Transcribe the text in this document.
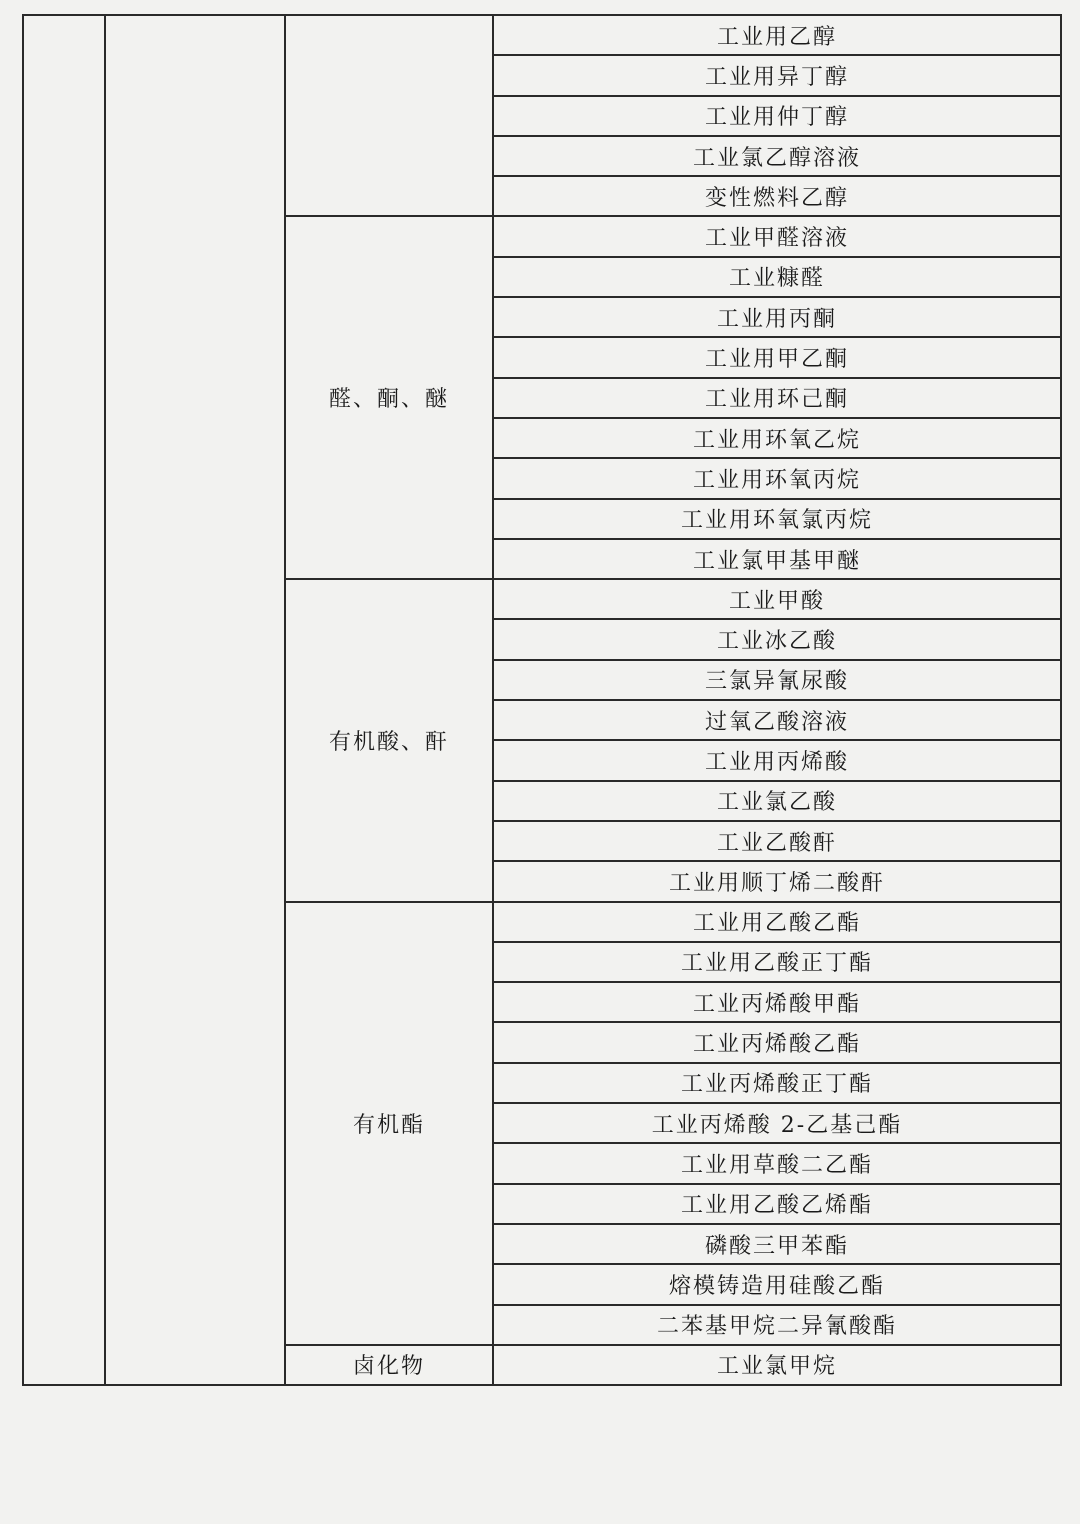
			工业用乙醇
			工业用异丁醇
			工业用仲丁醇
			工业氯乙醇溶液
			变性燃料乙醇
		醛、酮、醚	工业甲醛溶液
			工业糠醛
			工业用丙酮
			工业用甲乙酮
			工业用环己酮
			工业用环氧乙烷
			工业用环氧丙烷
			工业用环氧氯丙烷
			工业氯甲基甲醚
		有机酸、酐	工业甲酸
			工业冰乙酸
			三氯异氰尿酸
			过氧乙酸溶液
			工业用丙烯酸
			工业氯乙酸
			工业乙酸酐
			工业用顺丁烯二酸酐
		有机酯	工业用乙酸乙酯
			工业用乙酸正丁酯
			工业丙烯酸甲酯
			工业丙烯酸乙酯
			工业丙烯酸正丁酯
			工业丙烯酸 2-乙基己酯
			工业用草酸二乙酯
			工业用乙酸乙烯酯
			磷酸三甲苯酯
			熔模铸造用硅酸乙酯
			二苯基甲烷二异氰酸酯
		卤化物	工业氯甲烷
